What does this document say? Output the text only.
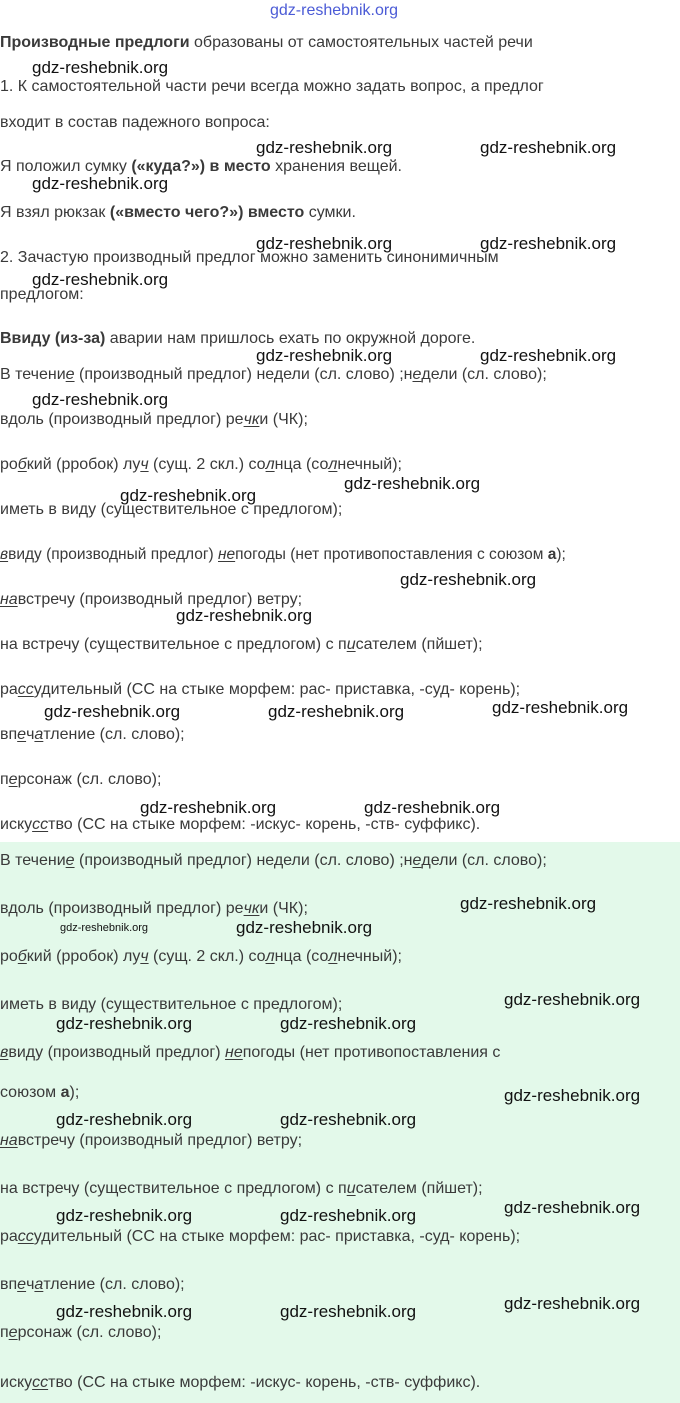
gdz-reshebnik.org
Производные предлоги образованы от самостоятельных частей речи
1. К самостоятельной части речи всегда можно задать вопрос, а предлог
входит в состав падежного вопроса:
Я положил сумку («куда?») в место хранения вещей.
Я взял рюкзак («вместо чего?») вместо сумки.
2. Зачастую производный предлог можно заменить синонимичным
предлогом:
Ввиду (из-за) аварии нам пришлось ехать по окружной дороге.
В течение (производный предлог) недели (сл. слово) ;недели (сл. слово);
вдоль (производный предлог) речки (ЧК);
робкий (рробок) луч (сущ. 2 скл.) солнца (солнечный);
иметь в виду (существительное с предлогом);
ввиду (производный предлог) непогоды (нет противопоставления с союзом а);
навстречу (производный предлог) ветру;
на встречу (существительное с предлогом) с писателем (пйшет);
рассудительный (СС на стыке морфем: рас- приставка, -суд- корень);
впечатление (сл. слово);
персонаж (сл. слово);
искусство (СС на стыке морфем: -искус- корень, -ств- суффикс).
В течение (производный предлог) недели (сл. слово) ;недели (сл. слово);
вдоль (производный предлог) речки (ЧК);
робкий (рробок) луч (сущ. 2 скл.) солнца (солнечный);
иметь в виду (существительное с предлогом);
ввиду (производный предлог) непогоды (нет противопоставления с
союзом а);
навстречу (производный предлог) ветру;
на встречу (существительное с предлогом) с писателем (пйшет);
рассудительный (СС на стыке морфем: рас- приставка, -суд- корень);
впечатление (сл. слово);
персонаж (сл. слово);
искусство (СС на стыке морфем: -искус- корень, -ств- суффикс).
gdz-reshebnik.org
gdz-reshebnik.org	gdz-reshebnik.org
gdz-reshebnik.org
gdz-reshebnik.org	gdz-reshebnik.org
gdz-reshebnik.org
gdz-reshebnik.org	gdz-reshebnik.org
gdz-reshebnik.org
gdz-reshebnik.org
gdz-reshebnik.org
gdz-reshebnik.org
gdz-reshebnik.org
gdz-reshebnik.org
gdz-reshebnik.org	gdz-reshebnik.org
gdz-reshebnik.org	gdz-reshebnik.org
gdz-reshebnik.org
gdz-reshebnik.org	gdz-reshebnik.org
gdz-reshebnik.org
gdz-reshebnik.org	gdz-reshebnik.org
gdz-reshebnik.org
gdz-reshebnik.org	gdz-reshebnik.org
gdz-reshebnik.org
gdz-reshebnik.org	gdz-reshebnik.org
gdz-reshebnik.org
gdz-reshebnik.org	gdz-reshebnik.org
